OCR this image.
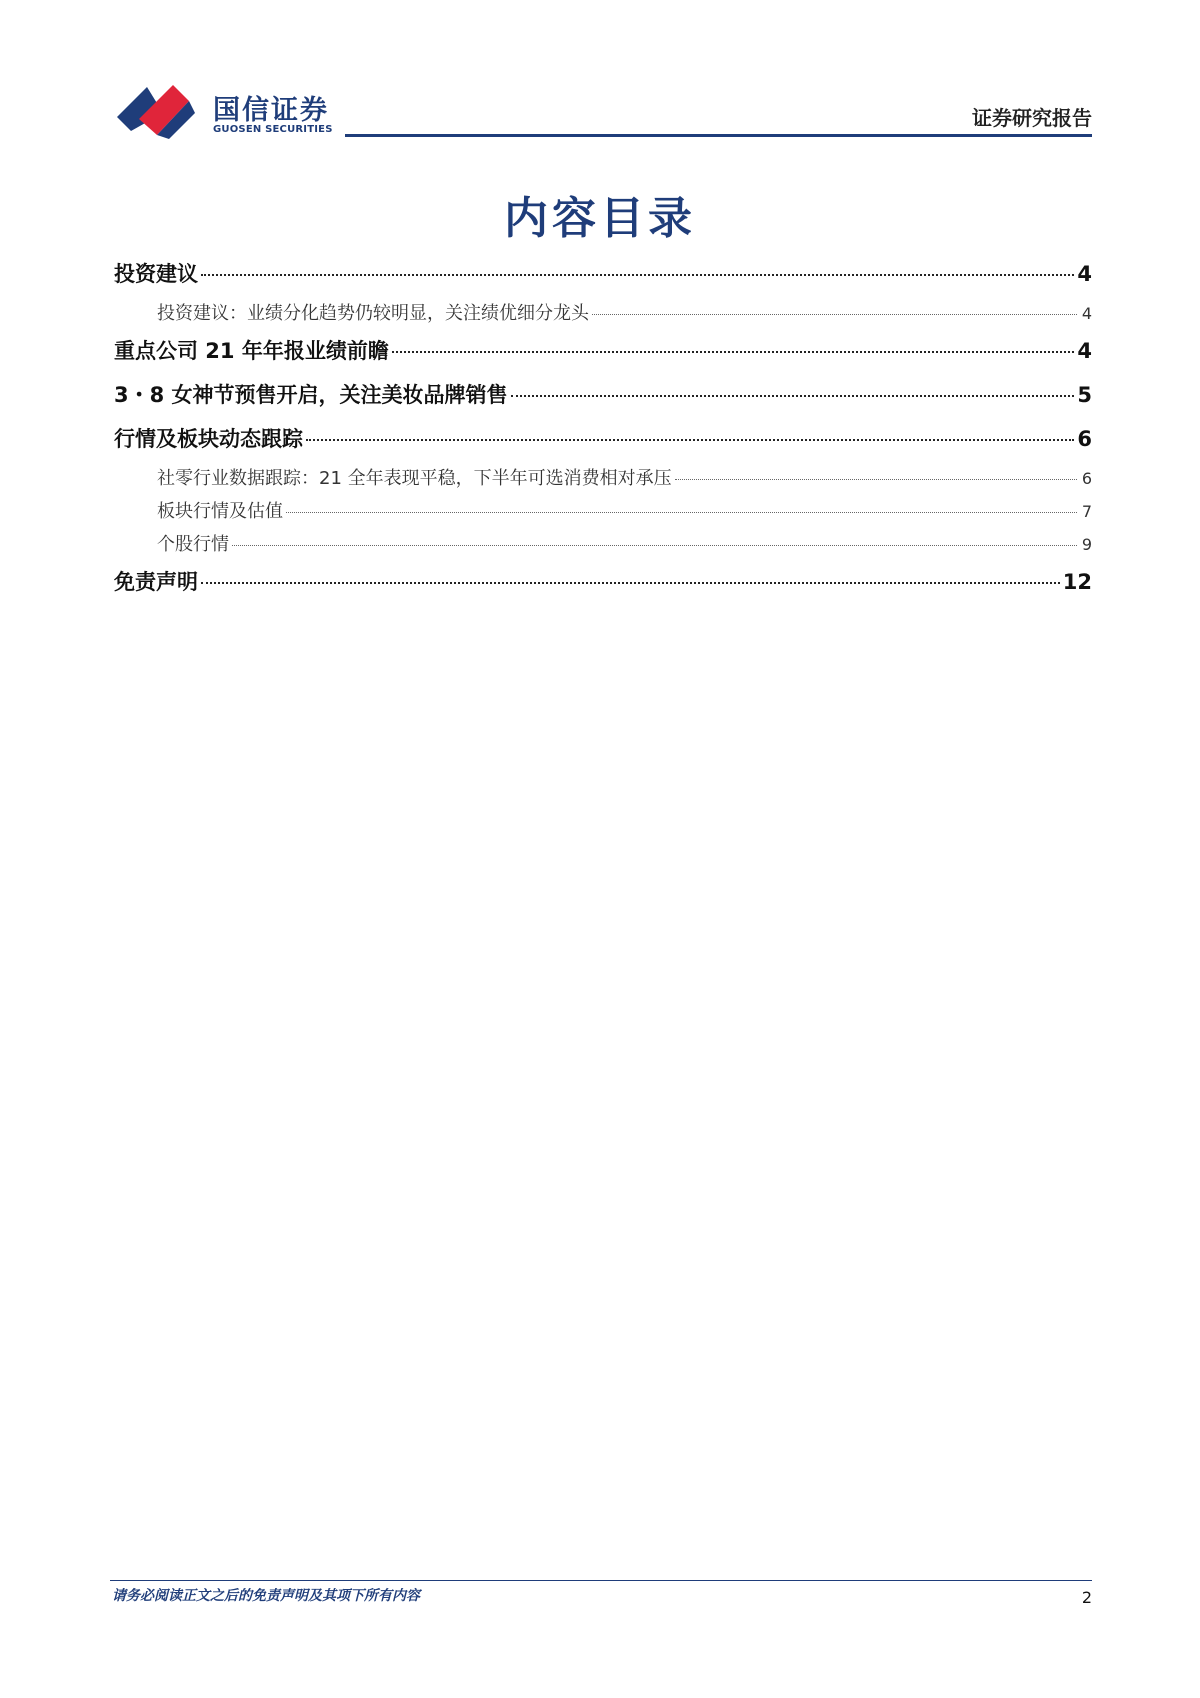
国信证券
GUOSEN SECURITIES	证券研究报告
内容目录
投资建议	4
投资建议：业绩分化趋势仍较明显，关注绩优细分龙头	4
重点公司 21 年年报业绩前瞻	4
3・8 女神节预售开启，关注美妆品牌销售	5
行情及板块动态跟踪	6
社零行业数据跟踪：21 全年表现平稳，下半年可选消费相对承压	6
板块行情及估值	7
个股行情	9
免责声明	12
请务必阅读正文之后的免责声明及其项下所有内容	2
